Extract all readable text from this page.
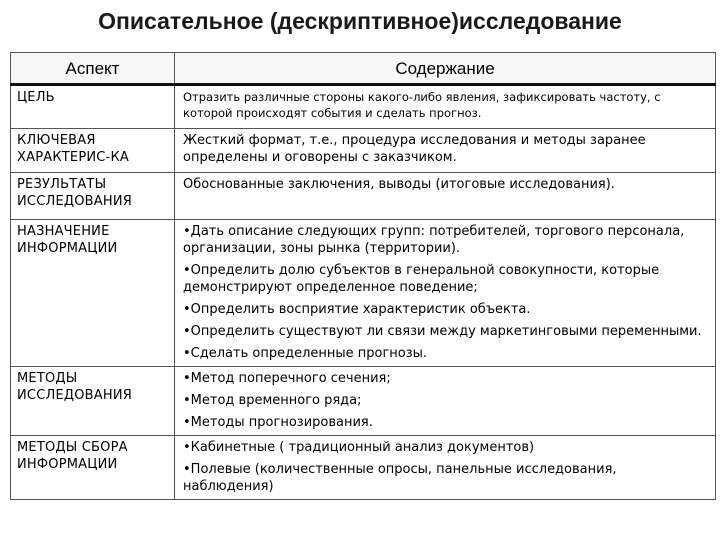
Описательное (дескриптивное)исследование
Аспект	Содержание
ЦЕЛЬ	Отразить различные стороны какого-либо явления, зафиксировать частоту, с которой происходят события и сделать прогноз.

КЛЮЧЕВАЯ ХАРАКТЕРИС-КА	Жесткий формат, т.е., процедура исследования и методы заранее определены и оговорены с заказчиком.

РЕЗУЛЬТАТЫ ИССЛЕДОВАНИЯ	Обоснованные заключения, выводы (итоговые исследования).

НАЗНАЧЕНИЕ ИНФОРМАЦИИ	•Дать описание следующих групп: потребителей, торгового персонала, организации, зоны рынка (территории).
•Определить долю субъектов в генеральной совокупности, которые демонстрируют определенное поведение;
•Определить восприятие характеристик объекта.
•Определить существуют ли связи между маркетинговыми переменными.
•Сделать определенные прогнозы.

МЕТОДЫ ИССЛЕДОВАНИЯ	•Метод поперечного сечения;
•Метод временного ряда;
•Методы прогнозирования.

МЕТОДЫ СБОРА ИНФОРМАЦИИ	•Кабинетные ( традиционный анализ документов)
•Полевые (количественные опросы, панельные исследования, наблюдения)
